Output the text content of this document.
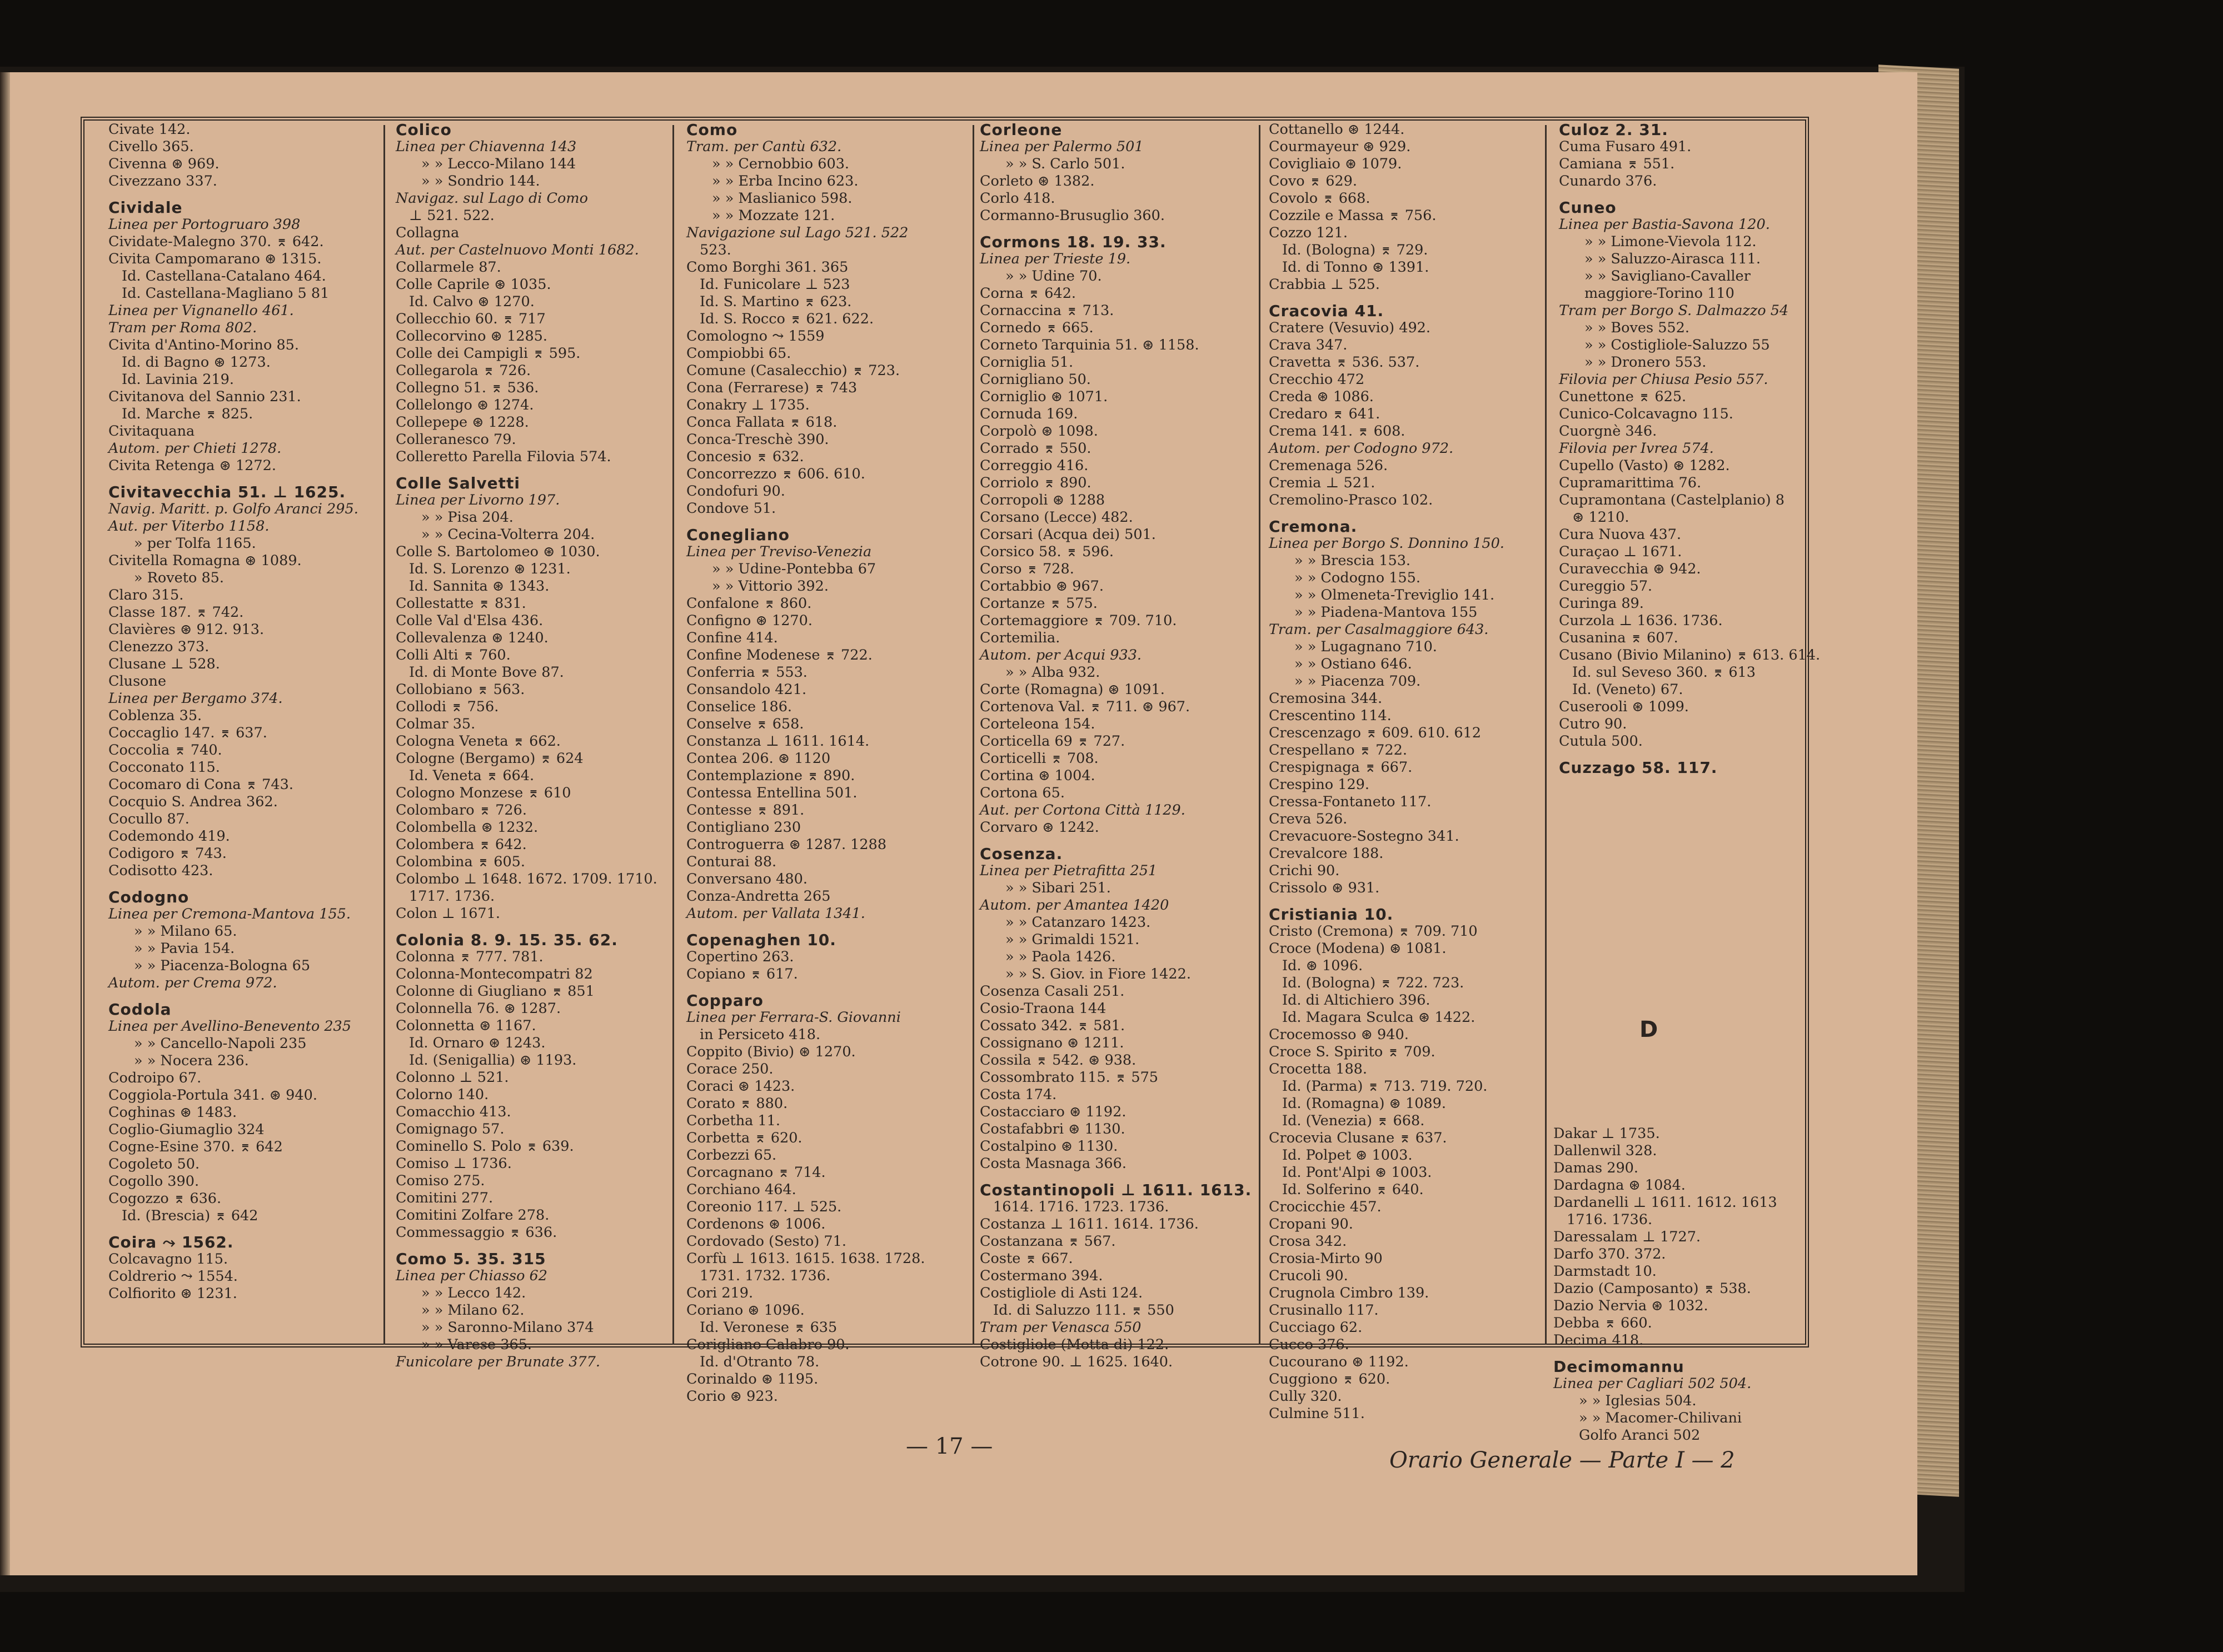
Civate 142.
Civello 365.
Civenna ⊛ 969.
Civezzano 337.
Cividale
Linea per Portogruaro 398
Cividate-Malegno 370. ⌆ 642.
Civita Campomarano ⊛ 1315.
Id. Castellana-Catalano 464.
Id. Castellana-Magliano 5 81
Linea per Vignanello 461.
Tram per Roma 802.
Civita d'Antino-Morino 85.
Id. di Bagno ⊛ 1273.
Id. Lavinia 219.
Civitanova del Sannio 231.
Id. Marche ⌆ 825.
Civitaquana
Autom. per Chieti 1278.
Civita Retenga ⊛ 1272.
Civitavecchia 51. ⊥ 1625.
Navig. Maritt. p. Golfo Aranci 295.
Aut. per Viterbo 1158.
» per Tolfa 1165.
Civitella Romagna ⊛ 1089.
» Roveto 85.
Claro 315.
Classe 187. ⌆ 742.
Clavières ⊛ 912. 913.
Clenezzo 373.
Clusane ⊥ 528.
Clusone
Linea per Bergamo 374.
Coblenza 35.
Coccaglio 147. ⌆ 637.
Coccolia ⌆ 740.
Cocconato 115.
Cocomaro di Cona ⌆ 743.
Cocquio S. Andrea 362.
Cocullo 87.
Codemondo 419.
Codigoro ⌆ 743.
Codisotto 423.
Codogno
Linea per Cremona-Mantova 155.
» » Milano 65.
» » Pavia 154.
» » Piacenza-Bologna 65
Autom. per Crema 972.
Codola
Linea per Avellino-Benevento 235
» » Cancello-Napoli 235
» » Nocera 236.
Codroipo 67.
Coggiola-Portula 341. ⊛ 940.
Coghinas ⊛ 1483.
Coglio-Giumaglio 324
Cogne-Esine 370. ⌆ 642
Cogoleto 50.
Cogollo 390.
Cogozzo ⌆ 636.
Id. (Brescia) ⌆ 642
Coira ⤳ 1562.
Colcavagno 115.
Coldrerio ⤳ 1554.
Colfiorito ⊛ 1231.
Colico
Linea per Chiavenna 143
» » Lecco-Milano 144
» » Sondrio 144.
Navigaz. sul Lago di Como
⊥ 521. 522.
Collagna
Aut. per Castelnuovo Monti 1682.
Collarmele 87.
Colle Caprile ⊛ 1035.
Id. Calvo ⊛ 1270.
Collecchio 60. ⌆ 717
Collecorvino ⊛ 1285.
Colle dei Campigli ⌆ 595.
Collegarola ⌆ 726.
Collegno 51. ⌆ 536.
Collelongo ⊛ 1274.
Collepepe ⊛ 1228.
Colleranesco 79.
Colleretto Parella Filovia 574.
Colle Salvetti
Linea per Livorno 197.
» » Pisa 204.
» » Cecina-Volterra 204.
Colle S. Bartolomeo ⊛ 1030.
Id. S. Lorenzo ⊛ 1231.
Id. Sannita ⊛ 1343.
Collestatte ⌆ 831.
Colle Val d'Elsa 436.
Collevalenza ⊛ 1240.
Colli Alti ⌆ 760.
Id. di Monte Bove 87.
Collobiano ⌆ 563.
Collodi ⌆ 756.
Colmar 35.
Cologna Veneta ⌆ 662.
Cologne (Bergamo) ⌆ 624
Id. Veneta ⌆ 664.
Cologno Monzese ⌆ 610
Colombaro ⌆ 726.
Colombella ⊛ 1232.
Colombera ⌆ 642.
Colombina ⌆ 605.
Colombo ⊥ 1648. 1672. 1709. 1710.
1717. 1736.
Colon ⊥ 1671.
Colonia 8. 9. 15. 35. 62.
Colonna ⌆ 777. 781.
Colonna-Montecompatri 82
Colonne di Giugliano ⌆ 851
Colonnella 76. ⊛ 1287.
Colonnetta ⊛ 1167.
Id. Ornaro ⊛ 1243.
Id. (Senigallia) ⊛ 1193.
Colonno ⊥ 521.
Colorno 140.
Comacchio 413.
Comignago 57.
Cominello S. Polo ⌆ 639.
Comiso ⊥ 1736.
Comiso 275.
Comitini 277.
Comitini Zolfare 278.
Commessaggio ⌆ 636.
Como 5. 35. 315
Linea per Chiasso 62
» » Lecco 142.
» » Milano 62.
» » Saronno-Milano 374
» » Varese 365.
Funicolare per Brunate 377.
Como
Tram. per Cantù 632.
» » Cernobbio 603.
» » Erba Incino 623.
» » Maslianico 598.
» » Mozzate 121.
Navigazione sul Lago 521. 522
523.
Como Borghi 361. 365
Id. Funicolare ⊥ 523
Id. S. Martino ⌆ 623.
Id. S. Rocco ⌆ 621. 622.
Comologno ⤳ 1559
Compiobbi 65.
Comune (Casalecchio) ⌆ 723.
Cona (Ferrarese) ⌆ 743
Conakry ⊥ 1735.
Conca Fallata ⌆ 618.
Conca-Treschè 390.
Concesio ⌆ 632.
Concorrezzo ⌆ 606. 610.
Condofuri 90.
Condove 51.
Conegliano
Linea per Treviso-Venezia
» » Udine-Pontebba 67
» » Vittorio 392.
Confalone ⌆ 860.
Configno ⊛ 1270.
Confine 414.
Confine Modenese ⌆ 722.
Conferria ⌆ 553.
Consandolo 421.
Conselice 186.
Conselve ⌆ 658.
Constanza ⊥ 1611. 1614.
Contea 206. ⊛ 1120
Contemplazione ⌆ 890.
Contessa Entellina 501.
Contesse ⌆ 891.
Contigliano 230
Controguerra ⊛ 1287. 1288
Conturai 88.
Conversano 480.
Conza-Andretta 265
Autom. per Vallata 1341.
Copenaghen 10.
Copertino 263.
Copiano ⌆ 617.
Copparo
Linea per Ferrara-S. Giovanni
in Persiceto 418.
Coppito (Bivio) ⊛ 1270.
Corace 250.
Coraci ⊛ 1423.
Corato ⌆ 880.
Corbetha 11.
Corbetta ⌆ 620.
Corbezzi 65.
Corcagnano ⌆ 714.
Corchiano 464.
Coreonio 117. ⊥ 525.
Cordenons ⊛ 1006.
Cordovado (Sesto) 71.
Corfù ⊥ 1613. 1615. 1638. 1728.
1731. 1732. 1736.
Cori 219.
Coriano ⊛ 1096.
Id. Veronese ⌆ 635
Corigliano Calabro 90.
Id. d'Otranto 78.
Corinaldo ⊛ 1195.
Corio ⊛ 923.
Corleone
Linea per Palermo 501
» » S. Carlo 501.
Corleto ⊛ 1382.
Corlo 418.
Cormanno-Brusuglio 360.
Cormons 18. 19. 33.
Linea per Trieste 19.
» » Udine 70.
Corna ⌆ 642.
Cornaccina ⌆ 713.
Cornedo ⌆ 665.
Corneto Tarquinia 51. ⊛ 1158.
Corniglia 51.
Cornigliano 50.
Corniglio ⊛ 1071.
Cornuda 169.
Corpolò ⊛ 1098.
Corrado ⌆ 550.
Correggio 416.
Corriolo ⌆ 890.
Corropoli ⊛ 1288
Corsano (Lecce) 482.
Corsari (Acqua dei) 501.
Corsico 58. ⌆ 596.
Corso ⌆ 728.
Cortabbio ⊛ 967.
Cortanze ⌆ 575.
Cortemaggiore ⌆ 709. 710.
Cortemilia.
Autom. per Acqui 933.
» » Alba 932.
Corte (Romagna) ⊛ 1091.
Cortenova Val. ⌆ 711. ⊛ 967.
Corteleona 154.
Corticella 69 ⌆ 727.
Corticelli ⌆ 708.
Cortina ⊛ 1004.
Cortona 65.
Aut. per Cortona Città 1129.
Corvaro ⊛ 1242.
Cosenza.
Linea per Pietrafitta 251
» » Sibari 251.
Autom. per Amantea 1420
» » Catanzaro 1423.
» » Grimaldi 1521.
» » Paola 1426.
» » S. Giov. in Fiore 1422.
Cosenza Casali 251.
Cosio-Traona 144
Cossato 342. ⌆ 581.
Cossignano ⊛ 1211.
Cossila ⌆ 542. ⊛ 938.
Cossombrato 115. ⌆ 575
Costa 174.
Costacciaro ⊛ 1192.
Costafabbri ⊛ 1130.
Costalpino ⊛ 1130.
Costa Masnaga 366.
Costantinopoli ⊥ 1611. 1613.
1614. 1716. 1723. 1736.
Costanza ⊥ 1611. 1614. 1736.
Costanzana ⌆ 567.
Coste ⌆ 667.
Costermano 394.
Costigliole di Asti 124.
Id. di Saluzzo 111. ⌆ 550
Tram per Venasca 550
Costigliole (Motta di) 122.
Cotrone 90. ⊥ 1625. 1640.
Cottanello ⊛ 1244.
Courmayeur ⊛ 929.
Covigliaio ⊛ 1079.
Covo ⌆ 629.
Covolo ⌆ 668.
Cozzile e Massa ⌆ 756.
Cozzo 121.
Id. (Bologna) ⌆ 729.
Id. di Tonno ⊛ 1391.
Crabbia ⊥ 525.
Cracovia 41.
Cratere (Vesuvio) 492.
Crava 347.
Cravetta ⌆ 536. 537.
Crecchio 472
Creda ⊛ 1086.
Credaro ⌆ 641.
Crema 141. ⌆ 608.
Autom. per Codogno 972.
Cremenaga 526.
Cremia ⊥ 521.
Cremolino-Prasco 102.
Cremona.
Linea per Borgo S. Donnino 150.
» » Brescia 153.
» » Codogno 155.
» » Olmeneta-Treviglio 141.
» » Piadena-Mantova 155
Tram. per Casalmaggiore 643.
» » Lugagnano 710.
» » Ostiano 646.
» » Piacenza 709.
Cremosina 344.
Crescentino 114.
Crescenzago ⌆ 609. 610. 612
Crespellano ⌆ 722.
Crespignaga ⌆ 667.
Crespino 129.
Cressa-Fontaneto 117.
Creva 526.
Crevacuore-Sostegno 341.
Crevalcore 188.
Crichi 90.
Crissolo ⊛ 931.
Cristiania 10.
Cristo (Cremona) ⌆ 709. 710
Croce (Modena) ⊛ 1081.
Id. ⊛ 1096.
Id. (Bologna) ⌆ 722. 723.
Id. di Altichiero 396.
Id. Magara Sculca ⊛ 1422.
Crocemosso ⊛ 940.
Croce S. Spirito ⌆ 709.
Crocetta 188.
Id. (Parma) ⌆ 713. 719. 720.
Id. (Romagna) ⊛ 1089.
Id. (Venezia) ⌆ 668.
Crocevia Clusane ⌆ 637.
Id. Polpet ⊛ 1003.
Id. Pont'Alpi ⊛ 1003.
Id. Solferino ⌆ 640.
Crocicchie 457.
Cropani 90.
Crosa 342.
Crosia-Mirto 90
Crucoli 90.
Crugnola Cimbro 139.
Crusinallo 117.
Cucciago 62.
Cucco 376.
Cucourano ⊛ 1192.
Cuggiono ⌆ 620.
Cully 320.
Culmine 511.
Culoz 2. 31.
Cuma Fusaro 491.
Camiana ⌆ 551.
Cunardo 376.
Cuneo
Linea per Bastia-Savona 120.
» » Limone-Vievola 112.
» » Saluzzo-Airasca 111.
» » Savigliano-Cavaller
maggiore-Torino 110
Tram per Borgo S. Dalmazzo 54
» » Boves 552.
» » Costigliole-Saluzzo 55
» » Dronero 553.
Filovia per Chiusa Pesio 557.
Cunettone ⌆ 625.
Cunico-Colcavagno 115.
Cuorgnè 346.
Filovia per Ivrea 574.
Cupello (Vasto) ⊛ 1282.
Cupramarittima 76.
Cupramontana (Castelplanio) 8
⊛ 1210.
Cura Nuova 437.
Curaçao ⊥ 1671.
Curavecchia ⊛ 942.
Cureggio 57.
Curinga 89.
Curzola ⊥ 1636. 1736.
Cusanina ⌆ 607.
Cusano (Bivio Milanino) ⌆ 613. 614.
Id. sul Seveso 360. ⌆ 613
Id. (Veneto) 67.
Cuserooli ⊛ 1099.
Cutro 90.
Cutula 500.
Cuzzago 58. 117.
Dakar ⊥ 1735.
Dallenwil 328.
Damas 290.
Dardagna ⊛ 1084.
Dardanelli ⊥ 1611. 1612. 1613
1716. 1736.
Daressalam ⊥ 1727.
Darfo 370. 372.
Darmstadt 10.
Dazio (Camposanto) ⌆ 538.
Dazio Nervia ⊛ 1032.
Debba ⌆ 660.
Decima 418.
Decimomannu
Linea per Cagliari 502 504.
» » Iglesias 504.
» » Macomer-Chilivani
Golfo Aranci 502
D
— 17 —
Orario Generale — Parte I — 2
